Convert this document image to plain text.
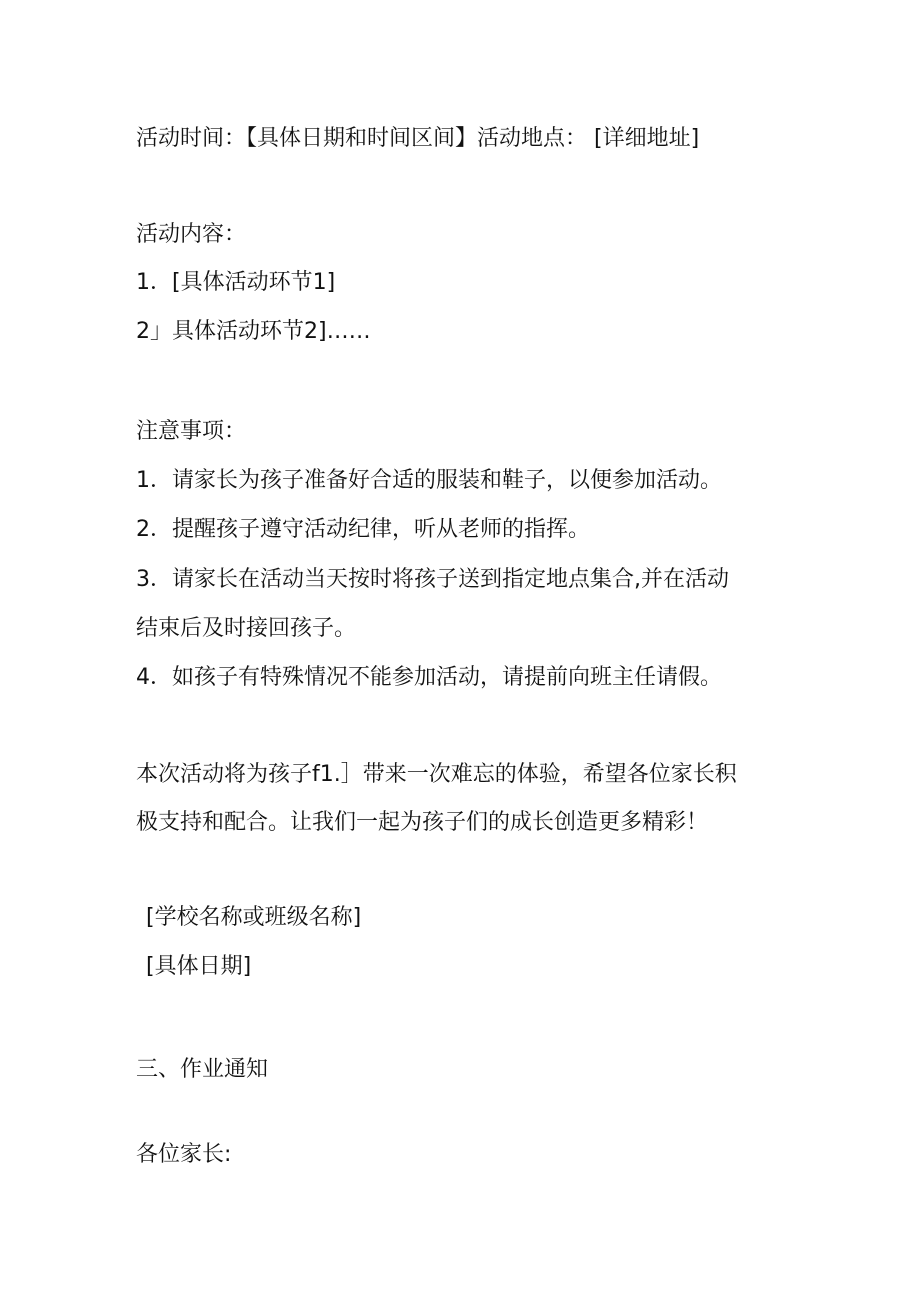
活动时间：【具体日期和时间区间】活动地点： [详细地址]
活动内容：
1．[具体活动环节1]
2」具体活动环节2]……
注意事项：
1．请家长为孩子准备好合适的服装和鞋子，以便参加活动。
2．提醒孩子遵守活动纪律，听从老师的指挥。
3．请家长在活动当天按时将孩子送到指定地点集合,并在活动
结束后及时接回孩子。
4．如孩子有特殊情况不能参加活动，请提前向班主任请假。
本次活动将为孩子f1.］带来一次难忘的体验，希望各位家长积
极支持和配合。让我们一起为孩子们的成长创造更多精彩！
[学校名称或班级名称]
[具体日期]
三、作业通知
各位家长:
